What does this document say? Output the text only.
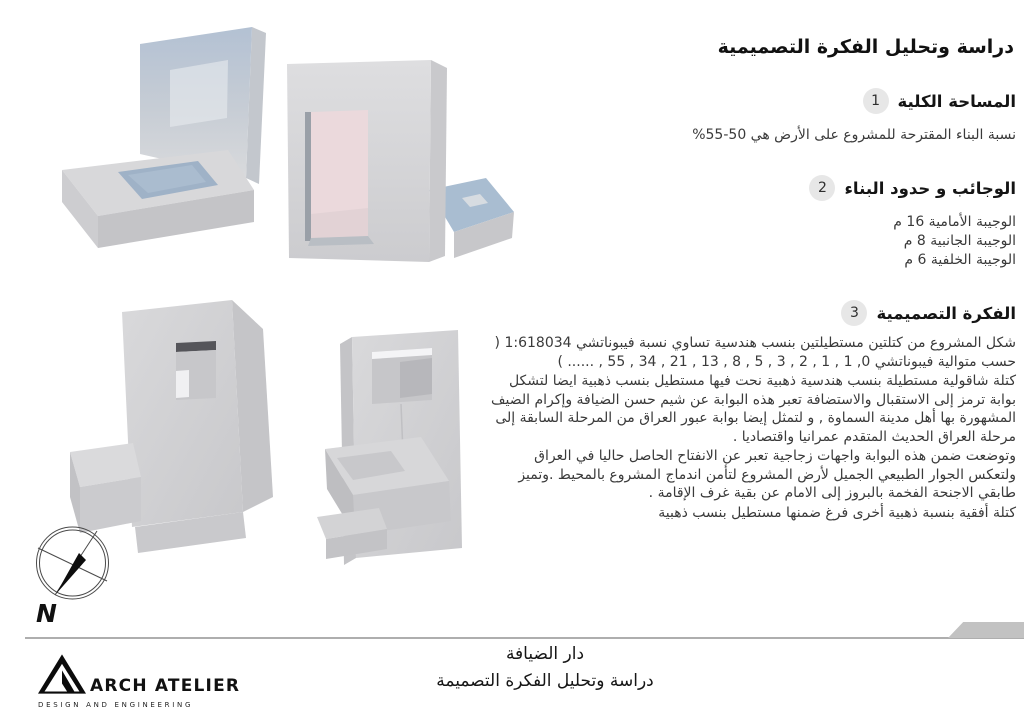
N
دراسة وتحليل الفكرة التصميمية
المساحة الكلية
1

نسبة البناء المقترحة للمشروع على الأرض هي 50-55%

الوجائب و حدود البناء
2

الوجيبة الأمامية 16 م

الوجيبة الجانبية 8 م

الوجيبة الخلفية 6 م

الفكرة التصميمية
3

شكل المشروع من كتلتين مستطيلتين بنسب هندسية تساوي نسبة فيبوناتشي 1:618034 ( حسب متوالية فيبوناتشي 0, 1 , 1 , 2 , 3 , 5 , 8 , 13 , 21 , 34 , 55 , ...... )

كتلة شاقولية مستطيلة بنسب هندسية ذهبية نحت فيها مستطيل بنسب ذهبية ايضا لتشكل بوابة ترمز إلى الاستقبال والاستضافة تعبر هذه البوابة عن شيم حسن الضيافة وإكرام الضيف المشهورة بها أهل مدينة السماوة , و لتمثل إيضا بوابة عبور العراق من المرحلة السابقة إلى مرحلة العراق الحديث المتقدم عمرانيا واقتصاديا .

وتوضعت ضمن هذه البوابة واجهات زجاجية تعبر عن الانفتاح الحاصل حاليا في العراق ولتعكس الجوار الطبيعي الجميل لأرض المشروع لتأمن اندماج المشروع بالمحيط .وتميز طابقي الاجنحة الفخمة بالبروز إلى الامام عن بقية غرف الإقامة .

كتلة أفقية بنسبة ذهبية أخرى فرغ ضمنها مستطيل بنسب ذهبية

ARCH ATELIER
DESIGN AND ENGINEERING
دار الضيافة
دراسة وتحليل الفكرة التصميمة
